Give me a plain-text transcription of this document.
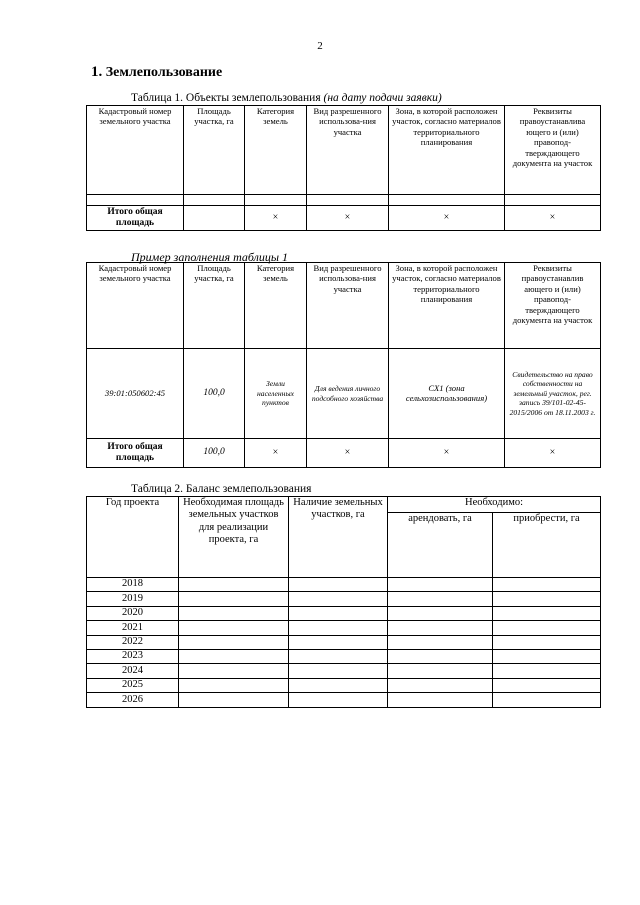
2
1. Землепользование
Таблица 1. Объекты землепользования (на дату подачи заявки)
Кадастровый номер земельного участка	Площадь участка, га	Категория земель	Вид разрешенного использова-ния участка	Зона, в которой расположен участок, согласно материалов территориального планирования	Реквизиты правоустанавлива ющего и (или) правопод-тверждающего документа на участок

Итого общая площадь		×	×	×	×
Пример заполнения таблицы 1
Кадастровый номер земельного участка	Площадь участка, га	Категория земель	Вид разрешенного использова-ния участка	Зона, в которой расположен участок, согласно материалов территориального планирования	Реквизиты правоустанавлив ающего и (или) правопод-тверждающего документа на участок
39:01:050602:45	100,0	Земли населенных пунктов	Для ведения личного подсобного хозяйства	СХ1 (зона сельхозиспользования)	Свидетельство на право собственности на земельный участок, рег. запись 39/101-02-45-2015/2006 от 18.11.2003 г.
Итого общая площадь	100,0	×	×	×	×
Таблица 2. Баланс землепользования
Год проекта	Необходимая площадь земельных участков для реализации проекта, га	Наличие земельных участков, га	Необходимо:	
			арендовать, га	приобрести, га
2018				
2019				
2020				
2021				
2022				
2023				
2024				
2025				
2026				
